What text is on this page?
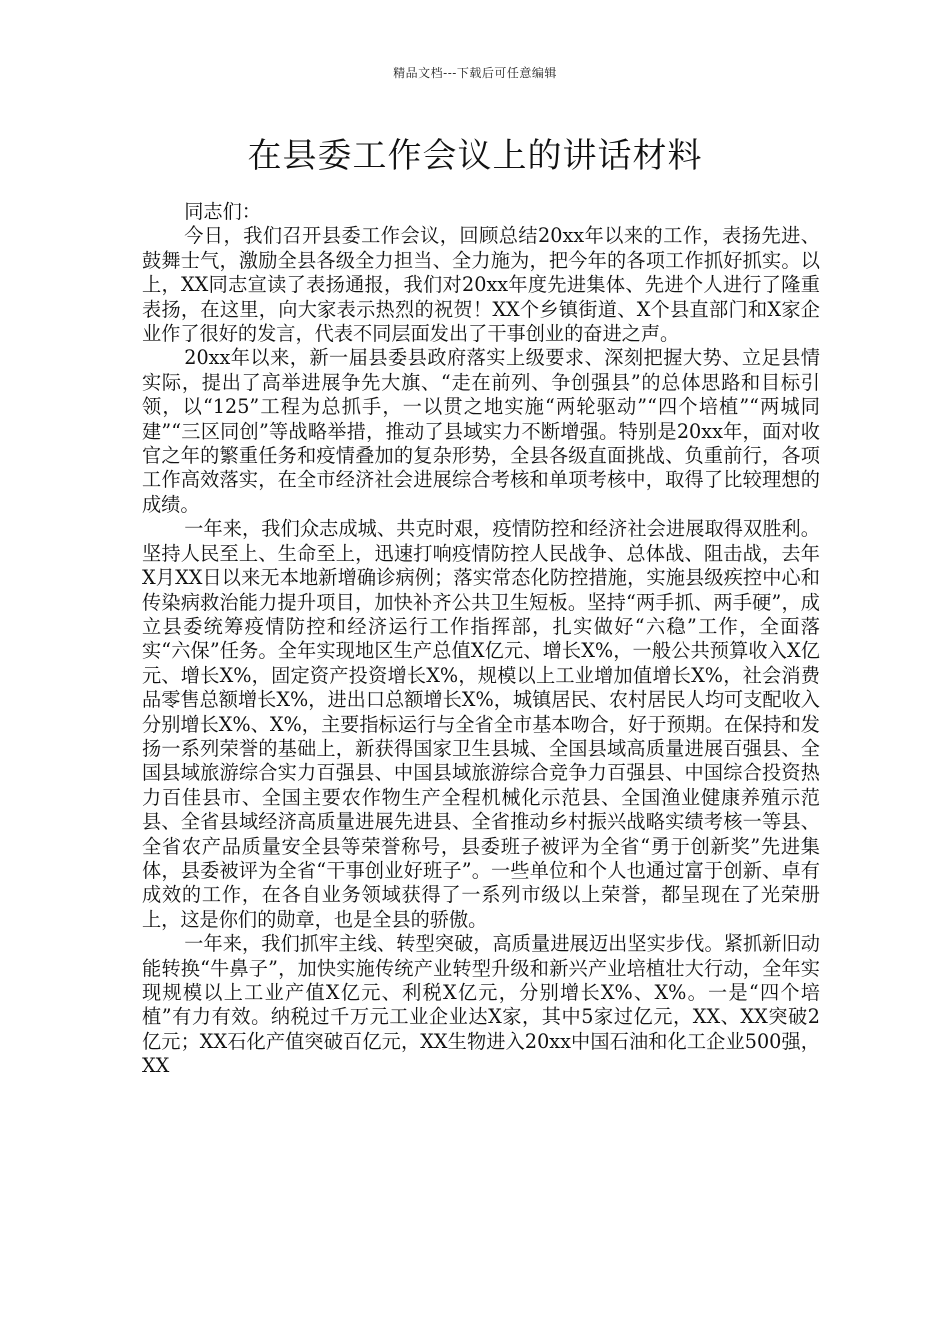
精品文档---下载后可任意编辑
在县委工作会议上的讲话材料

同志们：

今日，我们召开县委工作会议，回顾总结20xx年以来的工作，表扬先进、鼓舞士气，激励全县各级全力担当、全力施为，把今年的各项工作抓好抓实。以上，XX同志宣读了表扬通报，我们对20xx年度先进集体、先进个人进行了隆重表扬，在这里，向大家表示热烈的祝贺！XX个乡镇街道、X个县直部门和X家企业作了很好的发言，代表不同层面发出了干事创业的奋进之声。

20xx年以来，新一届县委县政府落实上级要求、深刻把握大势、立足县情实际，提出了高举进展争先大旗、“走在前列、争创强县”的总体思路和目标引领，以“125”工程为总抓手，一以贯之地实施“两轮驱动”“四个培植”“两城同建”“三区同创”等战略举措，推动了县域实力不断增强。特别是20xx年，面对收官之年的繁重任务和疫情叠加的复杂形势，全县各级直面挑战、负重前行，各项工作高效落实，在全市经济社会进展综合考核和单项考核中，取得了比较理想的成绩。

一年来，我们众志成城、共克时艰，疫情防控和经济社会进展取得双胜利。坚持人民至上、生命至上，迅速打响疫情防控人民战争、总体战、阻击战，去年X月XX日以来无本地新增确诊病例；落实常态化防控措施，实施县级疾控中心和传染病救治能力提升项目，加快补齐公共卫生短板。坚持“两手抓、两手硬”，成立县委统筹疫情防控和经济运行工作指挥部，扎实做好“六稳”工作，全面落实“六保”任务。全年实现地区生产总值X亿元、增长X%，一般公共预算收入X亿元、增长X%，固定资产投资增长X%，规模以上工业增加值增长X%，社会消费品零售总额增长X%，进出口总额增长X%，城镇居民、农村居民人均可支配收入分别增长X%、X%，主要指标运行与全省全市基本吻合，好于预期。在保持和发扬一系列荣誉的基础上，新获得国家卫生县城、全国县域高质量进展百强县、全国县域旅游综合实力百强县、中国县域旅游综合竞争力百强县、中国综合投资热力百佳县市、全国主要农作物生产全程机械化示范县、全国渔业健康养殖示范县、全省县域经济高质量进展先进县、全省推动乡村振兴战略实绩考核一等县、全省农产品质量安全县等荣誉称号，县委班子被评为全省“勇于创新奖”先进集体，县委被评为全省“干事创业好班子”。一些单位和个人也通过富于创新、卓有成效的工作，在各自业务领域获得了一系列市级以上荣誉，都呈现在了光荣册上，这是你们的勋章，也是全县的骄傲。

一年来，我们抓牢主线、转型突破，高质量进展迈出坚实步伐。紧抓新旧动能转换“牛鼻子”，加快实施传统产业转型升级和新兴产业培植壮大行动，全年实现规模以上工业产值X亿元、利税X亿元，分别增长X%、X%。一是“四个培植”有力有效。纳税过千万元工业企业达X家，其中5家过亿元，XX、XX突破2亿元；XX石化产值突破百亿元，XX生物进入20xx中国石油和化工企业500强，XX
